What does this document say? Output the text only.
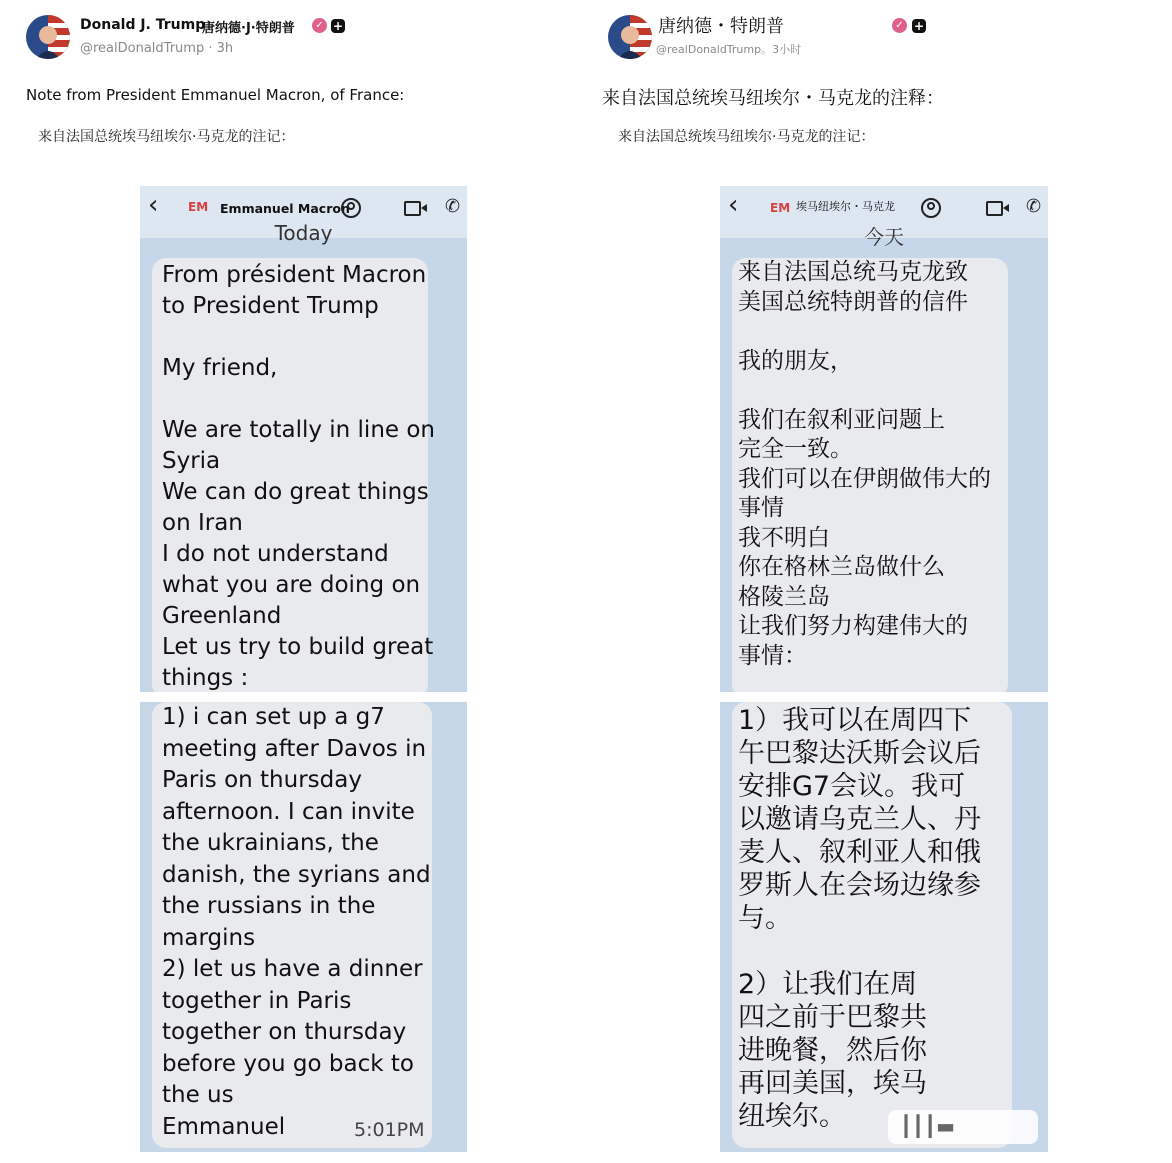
Donald J. Trump
唐纳德·J·特朗普	✓ +
@realDonaldTrump · 3h
Note from President Emmanuel Macron, of France:
来自法国总统埃马纽埃尔·马克龙的注记：
‹ EM Emmanuel Macron	✆
Today
From président Macron
to President Trump

My friend,

We are totally in line on
Syria
We can do great things
on Iran
I do not understand
what you are doing on
Greenland
Let us try to build great
things :
1) i can set up a g7
meeting after Davos in
Paris on thursday
afternoon. I can invite
the ukrainians, the
danish, the syrians and
the russians in the
margins
2) let us have a dinner
together in Paris
together on thursday
before you go back to
the us
Emmanuel	5:01PM
唐纳德・特朗普	✓ +
@realDonaldTrump。3小时
来自法国总统埃马纽埃尔・马克龙的注释：
来自法国总统埃马纽埃尔·马克龙的注记：
‹	EM 埃马纽埃尔・马克龙	✆
今天
来自法国总统马克龙致
美国总统特朗普的信件

我的朋友，

我们在叙利亚问题上
完全一致。
我们可以在伊朗做伟大的
事情
我不明白
你在格林兰岛做什么
格陵兰岛
让我们努力构建伟大的
事情：
1）我可以在周四下
午巴黎达沃斯会议后
安排G7会议。我可
以邀请乌克兰人、丹
麦人、叙利亚人和俄
罗斯人在会场边缘参
与。

2）让我们在周
四之前于巴黎共
进晚餐，然后你
再回美国，埃马
纽埃尔。	┃┃┃▬
